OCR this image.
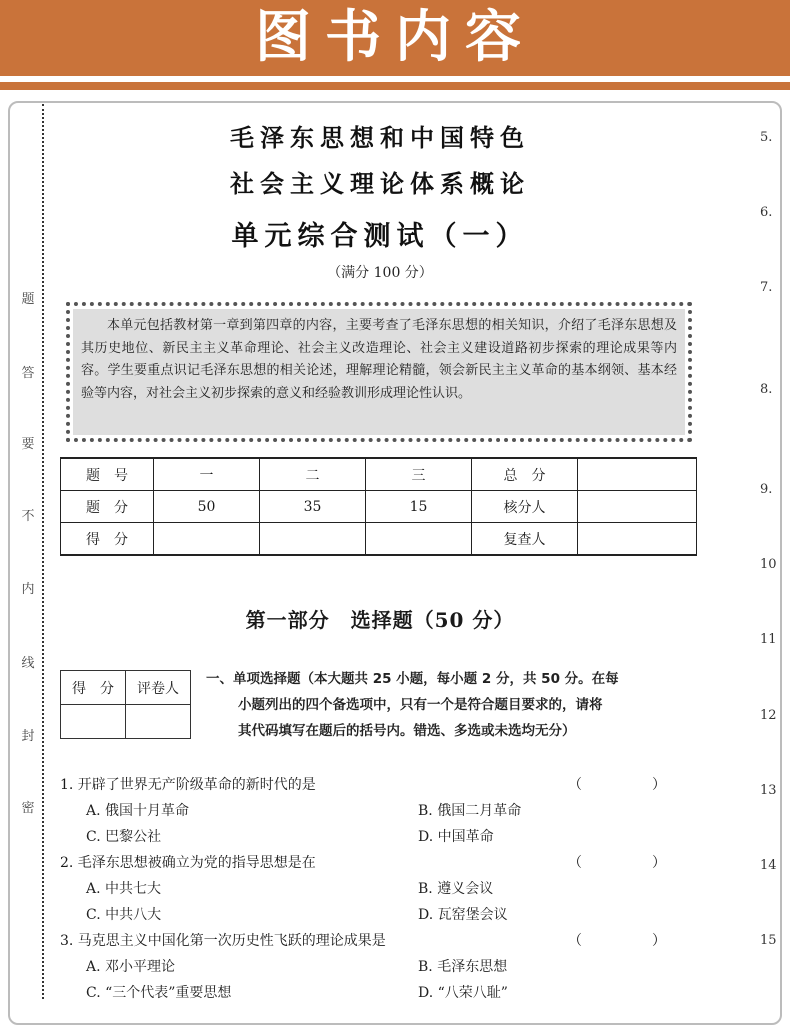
图书内容
题
答
要
不
内
线
封
密
毛泽东思想和中国特色
社会主义理论体系概论
单元综合测试（一）
（满分 100 分）
本单元包括教材第一章到第四章的内容，主要考查了毛泽东思想的相关知识，介绍了毛泽东思想及其历史地位、新民主主义革命理论、社会主义改造理论、社会主义建设道路初步探索的理论成果等内容。学生要重点识记毛泽东思想的相关论述，理解理论精髓，领会新民主主义革命的基本纲领、基本经验等内容，对社会主义初步探索的意义和经验教训形成理论性认识。
题　号	一	二	三	总　分	
题　分	50	35	15	核分人	
得　分				复查人	
第一部分　选择题（50 分）
得　分	评卷人

一、单项选择题（本大题共 25 小题，每小题 2 分，共 50 分。在每
小题列出的四个备选项中，只有一个是符合题目要求的，请将
其代码填写在题后的括号内。错选、多选或未选均无分）
1. 开辟了世界无产阶级革命的新时代的是	（　）
A. 俄国十月革命	B. 俄国二月革命
C. 巴黎公社	D. 中国革命
2. 毛泽东思想被确立为党的指导思想是在	（　）
A. 中共七大	B. 遵义会议
C. 中共八大	D. 瓦窑堡会议
3. 马克思主义中国化第一次历史性飞跃的理论成果是	（　）
A. 邓小平理论	B. 毛泽东思想
C. “三个代表”重要思想	D. “八荣八耻”
5.
6.
7.
8.
9.
10
11
12
13
14
15
